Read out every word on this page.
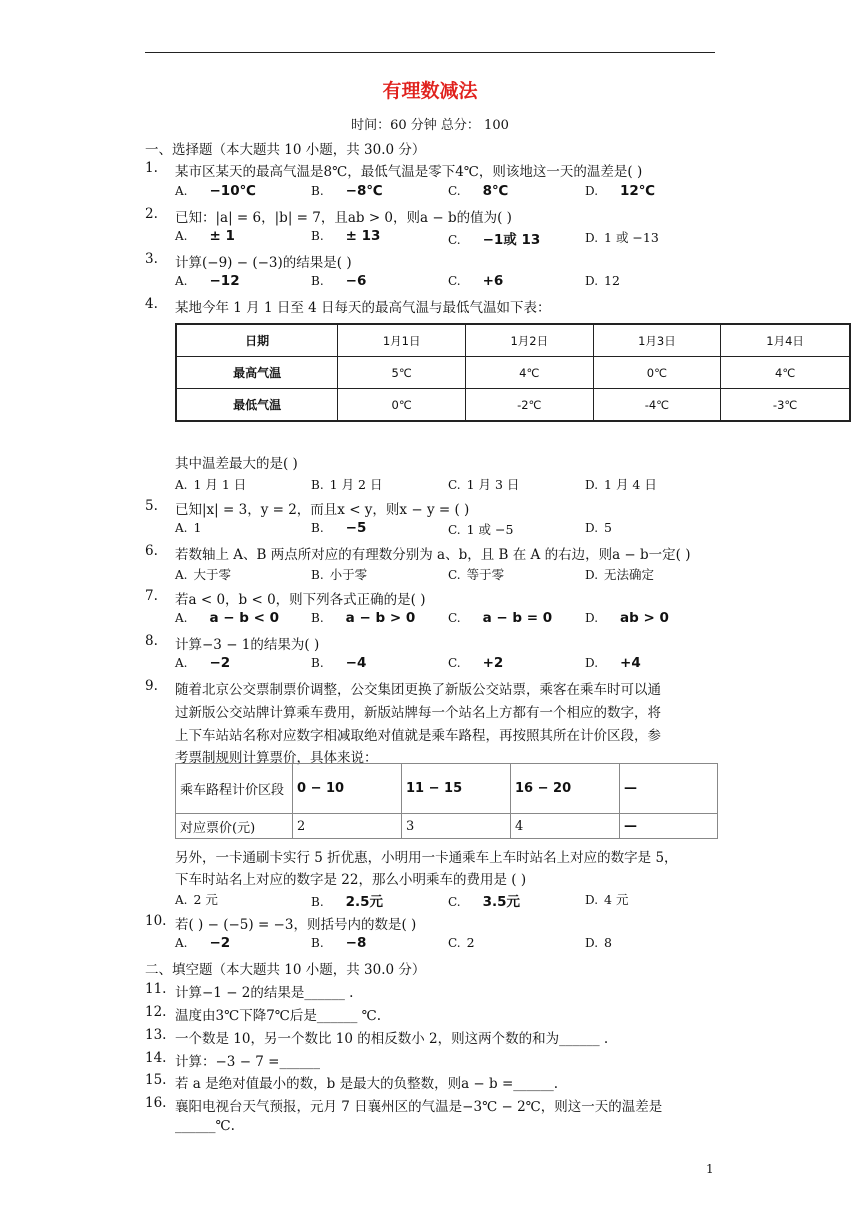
有理数减法
时间：60 分钟 总分： 100
一、选择题（本大题共 10 小题，共 30.0 分）
1. 某市区某天的最高气温是8℃，最低气温是零下4℃，则该地这一天的温差是( )
A. −10℃	B. −8℃	C. 8℃	D. 12℃
2. 已知：|a| = 6，|b| = 7，且ab > 0，则a − b的值为( )
A. ± 1	B. ± 13	C. −1或 13	D. 1 或 −13
3. 计算(−9) − (−3)的结果是( )
A. −12	B. −6	C. +6	D. 12
4. 某地今年 1 月 1 日至 4 日每天的最高气温与最低气温如下表：
日期	1月1日	1月2日	1月3日	1月4日
最高气温	5℃	4℃	0℃	4℃
最低气温	0℃	-2℃	-4℃	-3℃
其中温差最大的是( )
A. 1 月 1 日	B. 1 月 2 日	C. 1 月 3 日	D. 1 月 4 日
5. 已知|x| = 3，y = 2，而且x < y，则x − y = ( )
A. 1	B. −5	C. 1 或 −5	D. 5
6. 若数轴上 A、B 两点所对应的有理数分别为 a、b，且 B 在 A 的右边，则a − b一定( )
A. 大于零	B. 小于零	C. 等于零	D. 无法确定
7. 若a < 0，b < 0，则下列各式正确的是( )
A. a − b < 0	B. a − b > 0	C. a − b = 0	D. ab > 0
8. 计算−3 − 1的结果为( )
A. −2	B. −4	C. +2	D. +4
9. 随着北京公交票制票价调整，公交集团更换了新版公交站票，乘客在乘车时可以通
过新版公交站牌计算乘车费用，新版站牌每一个站名上方都有一个相应的数字，将
上下车站站名称对应数字相减取绝对值就是乘车路程，再按照其所在计价区段，参
考票制规则计算票价，具体来说：
乘车路程计价区段	0 − 10	11 − 15	16 − 20	—
对应票价(元)	2	3	4	—
另外，一卡通刷卡实行 5 折优惠，小明用一卡通乘车上车时站名上对应的数字是 5，
下车时站名上对应的数字是 22，那么小明乘车的费用是 ( )
A. 2 元	B. 2.5元	C. 3.5元	D. 4 元
10. 若( ) − (−5) = −3，则括号内的数是( )
A. −2	B. −8	C. 2	D. 8
二、填空题（本大题共 10 小题，共 30.0 分）
11. 计算−1 − 2的结果是______ .
12. 温度由3℃下降7℃后是______ ℃.
13. 一个数是 10，另一个数比 10 的相反数小 2，则这两个数的和为______ .
14. 计算：−3 − 7 =______
15. 若 a 是绝对值最小的数，b 是最大的负整数，则a − b =______.
16. 襄阳电视台天气预报，元月 7 日襄州区的气温是−3℃ − 2℃，则这一天的温差是
______℃.
1
